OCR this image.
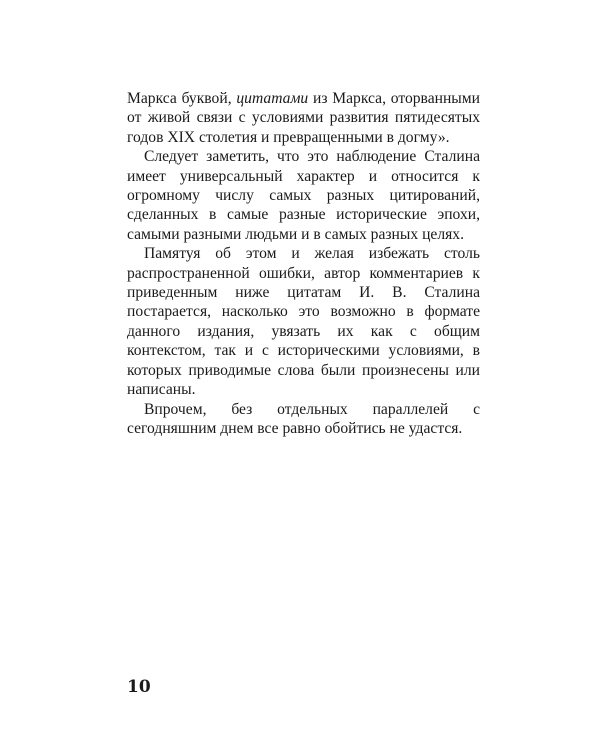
Маркса буквой, цитатами из Маркса, оторванными от живой связи с условиями развития пятидесятых годов XIX столетия и превращенными в догму».

Следует заметить, что это наблюдение Сталина имеет универсальный характер и относится к огромному числу самых разных цитирований, сделанных в самые разные исторические эпохи, самыми разными людьми и в самых разных целях.

Памятуя об этом и желая избежать столь распространенной ошибки, автор комментариев к приведенным ниже цитатам И. В. Сталина постарается, насколько это возможно в формате данного издания, увязать их как с общим контекстом, так и с историческими условиями, в которых приводимые слова были произнесены или написаны.

Впрочем, без отдельных параллелей с сегодняшним днем все равно обойтись не удастся.

10
